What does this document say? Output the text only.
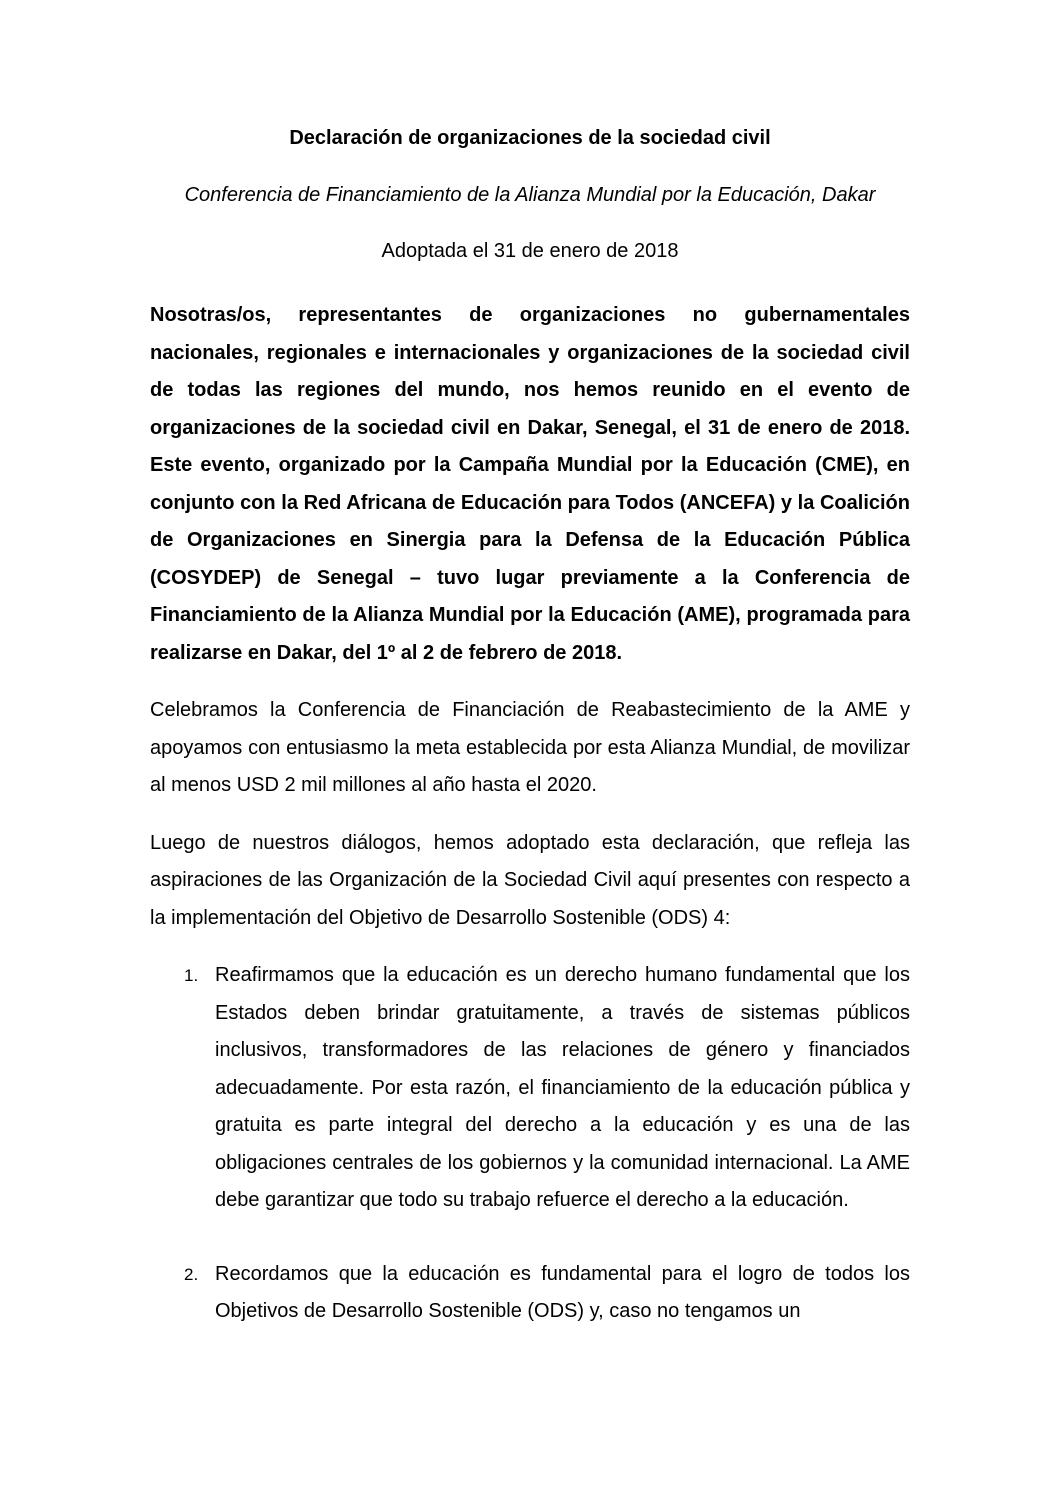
Declaración de organizaciones de la sociedad civil
Conferencia de Financiamiento de la Alianza Mundial por la Educación, Dakar
Adoptada el 31 de enero de 2018

Nosotras/os, representantes de organizaciones no gubernamentales nacionales, regionales e internacionales y organizaciones de la sociedad civil de todas las regiones del mundo, nos hemos reunido en el evento de organizaciones de la sociedad civil en Dakar, Senegal, el 31 de enero de 2018. Este evento, organizado por la Campaña Mundial por la Educación (CME), en conjunto con la Red Africana de Educación para Todos (ANCEFA) y la Coalición de Organizaciones en Sinergia para la Defensa de la Educación Pública (COSYDEP) de Senegal – tuvo lugar previamente a la Conferencia de Financiamiento de la Alianza Mundial por la Educación (AME), programada para realizarse en Dakar, del 1º al 2 de febrero de 2018.

Celebramos la Conferencia de Financiación de Reabastecimiento de la AME y apoyamos con entusiasmo la meta establecida por esta Alianza Mundial, de movilizar al menos USD 2 mil millones al año hasta el 2020.

Luego de nuestros diálogos, hemos adoptado esta declaración, que refleja las aspiraciones de las Organización de la Sociedad Civil aquí presentes con respecto a la implementación del Objetivo de Desarrollo Sostenible (ODS) 4:

1. Reafirmamos que la educación es un derecho humano fundamental que los Estados deben brindar gratuitamente, a través de sistemas públicos inclusivos, transformadores de las relaciones de género y financiados adecuadamente. Por esta razón, el financiamiento de la educación pública y gratuita es parte integral del derecho a la educación y es una de las obligaciones centrales de los gobiernos y la comunidad internacional. La AME debe garantizar que todo su trabajo refuerce el derecho a la educación.
2. Recordamos que la educación es fundamental para el logro de todos los Objetivos de Desarrollo Sostenible (ODS) y, caso no tengamos un
